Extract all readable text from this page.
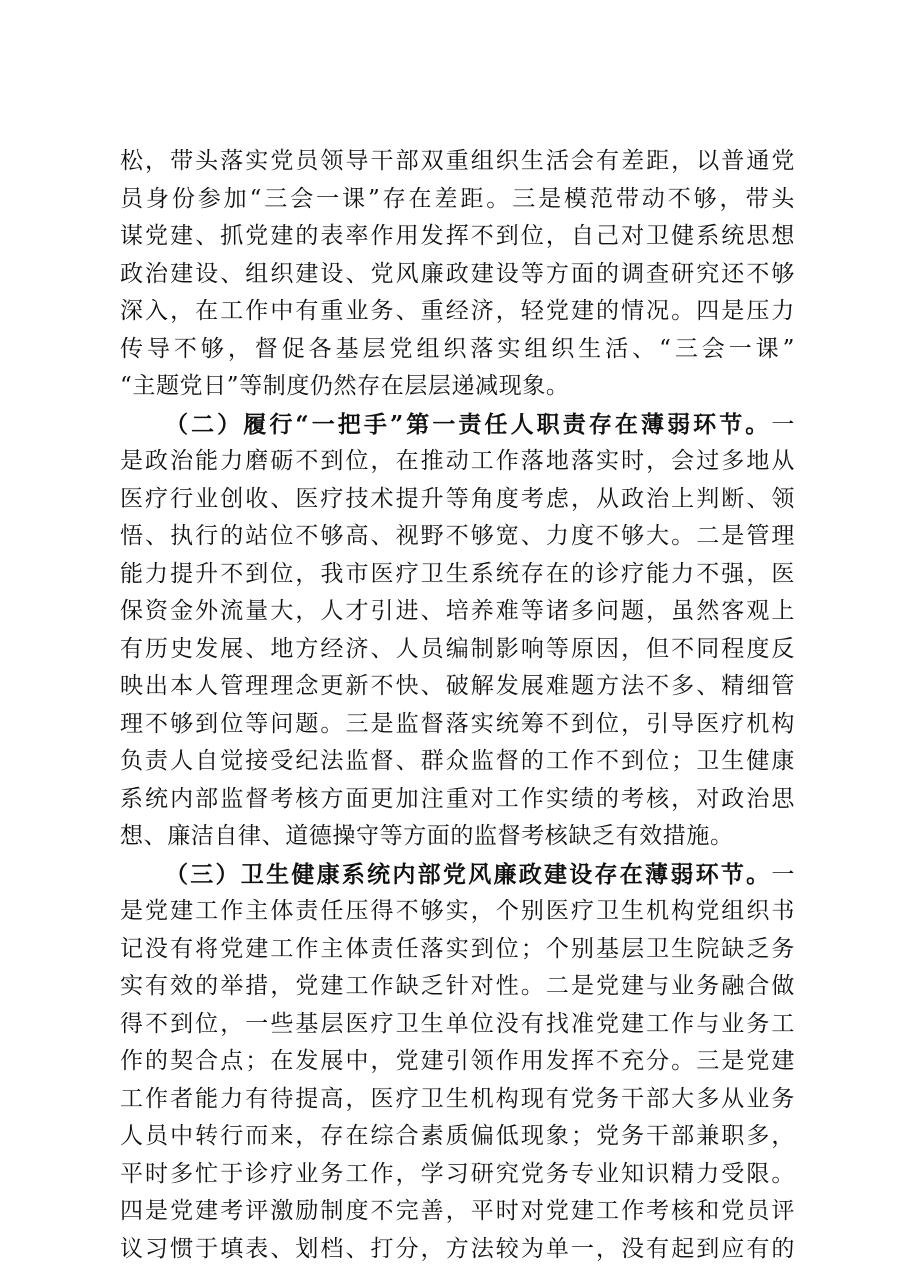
松，带头落实党员领导干部双重组织生活会有差距，以普通党
员身份参加“三会一课”存在差距。三是模范带动不够，带头
谋党建、抓党建的表率作用发挥不到位，自己对卫健系统思想
政治建设、组织建设、党风廉政建设等方面的调查研究还不够
深入，在工作中有重业务、重经济，轻党建的情况。四是压力
传导不够，督促各基层党组织落实组织生活、“三会一课”
“主题党日”等制度仍然存在层层递减现象。
（二）履行“一把手”第一责任人职责存在薄弱环节。一
是政治能力磨砺不到位，在推动工作落地落实时，会过多地从
医疗行业创收、医疗技术提升等角度考虑，从政治上判断、领
悟、执行的站位不够高、视野不够宽、力度不够大。二是管理
能力提升不到位，我市医疗卫生系统存在的诊疗能力不强，医
保资金外流量大，人才引进、培养难等诸多问题，虽然客观上
有历史发展、地方经济、人员编制影响等原因，但不同程度反
映出本人管理理念更新不快、破解发展难题方法不多、精细管
理不够到位等问题。三是监督落实统筹不到位，引导医疗机构
负责人自觉接受纪法监督、群众监督的工作不到位；卫生健康
系统内部监督考核方面更加注重对工作实绩的考核，对政治思
想、廉洁自律、道德操守等方面的监督考核缺乏有效措施。
（三）卫生健康系统内部党风廉政建设存在薄弱环节。一
是党建工作主体责任压得不够实，个别医疗卫生机构党组织书
记没有将党建工作主体责任落实到位；个别基层卫生院缺乏务
实有效的举措，党建工作缺乏针对性。二是党建与业务融合做
得不到位，一些基层医疗卫生单位没有找准党建工作与业务工
作的契合点；在发展中，党建引领作用发挥不充分。三是党建
工作者能力有待提高，医疗卫生机构现有党务干部大多从业务
人员中转行而来，存在综合素质偏低现象；党务干部兼职多，
平时多忙于诊疗业务工作，学习研究党务专业知识精力受限。
四是党建考评激励制度不完善，平时对党建工作考核和党员评
议习惯于填表、划档、打分，方法较为单一，没有起到应有的
